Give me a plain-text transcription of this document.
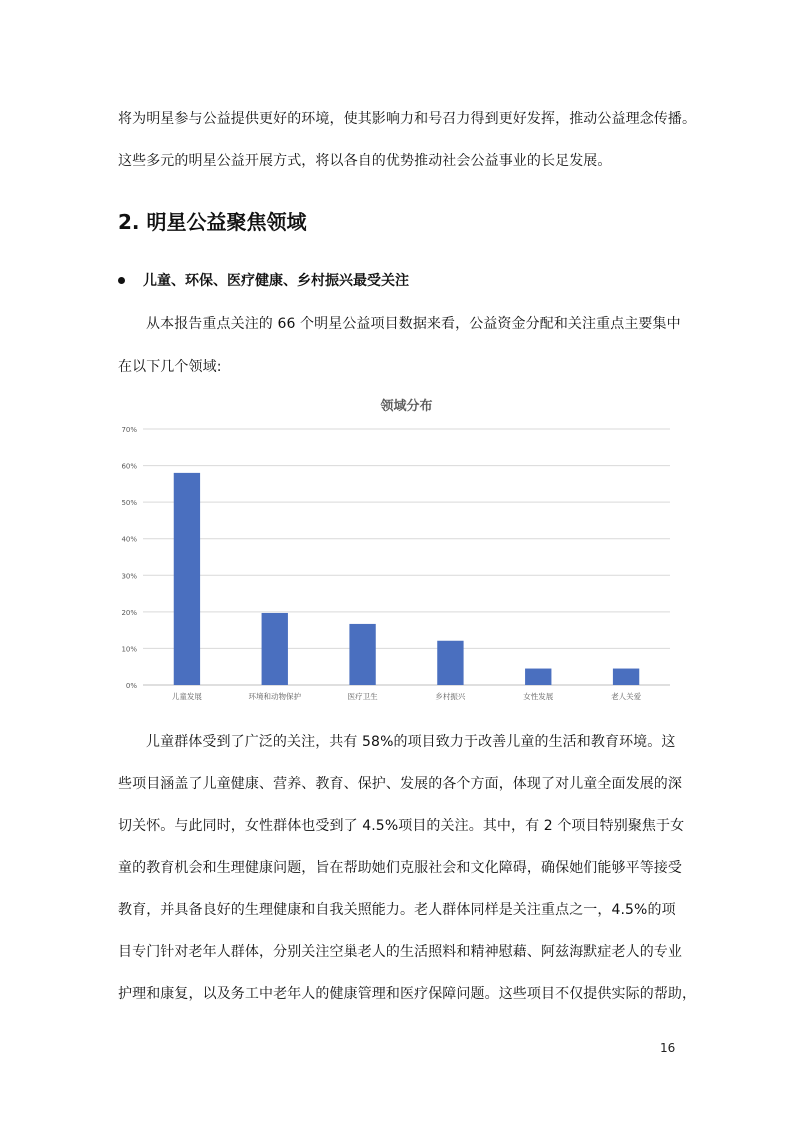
将为明星参与公益提供更好的环境，使其影响力和号召力得到更好发挥，推动公益理念传播。
这些多元的明星公益开展方式，将以各自的优势推动社会公益事业的长足发展。
2. 明星公益聚焦领域
儿童、环保、医疗健康、乡村振兴最受关注
从本报告重点关注的 66 个明星公益项目数据来看，公益资金分配和关注重点主要集中
在以下几个领域:
领域分布
0%
10%
20%
30%
40%
50%
60%
70%
儿童发展	环境和动物保护	医疗卫生	乡村振兴	女性发展	老人关爱
儿童群体受到了广泛的关注，共有 58%的项目致力于改善儿童的生活和教育环境。这
些项目涵盖了儿童健康、营养、教育、保护、发展的各个方面，体现了对儿童全面发展的深
切关怀。与此同时，女性群体也受到了 4.5%项目的关注。其中，有 2 个项目特别聚焦于女
童的教育机会和生理健康问题，旨在帮助她们克服社会和文化障碍，确保她们能够平等接受
教育，并具备良好的生理健康和自我关照能力。老人群体同样是关注重点之一，4.5%的项
目专门针对老年人群体，分别关注空巢老人的生活照料和精神慰藉、阿兹海默症老人的专业
护理和康复，以及务工中老年人的健康管理和医疗保障问题。这些项目不仅提供实际的帮助，
16
